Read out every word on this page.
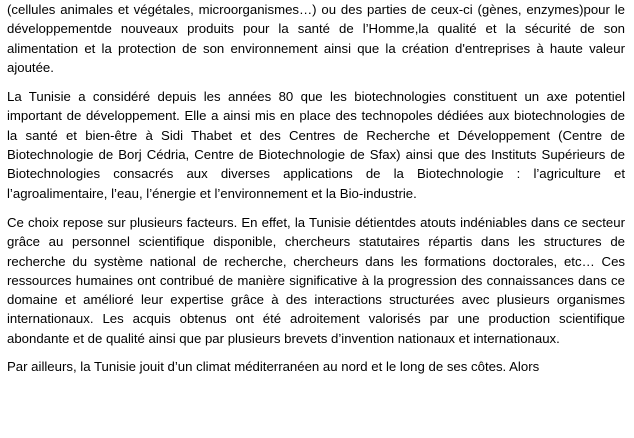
(cellules animales et végétales, microorganismes…) ou des parties de ceux-ci (gènes, enzymes)pour le développementde nouveaux produits pour la santé de l’Homme,la qualité et la sécurité de son alimentation et la protection de son environnement ainsi que la création d'entreprises à haute valeur ajoutée.

La Tunisie a considéré depuis les années 80 que les biotechnologies constituent un axe potentiel important de développement. Elle a ainsi mis en place des technopoles dédiées aux biotechnologies de la santé et bien-être à Sidi Thabet et des Centres de Recherche et Développement (Centre de Biotechnologie de Borj Cédria, Centre de Biotechnologie de Sfax) ainsi que des Instituts Supérieurs de Biotechnologies consacrés aux diverses applications de la Biotechnologie : l’agriculture et l’agroalimentaire, l’eau, l’énergie et l’environnement et la Bio-industrie.

Ce choix repose sur plusieurs facteurs. En effet, la Tunisie détientdes atouts indéniables dans ce secteur grâce au personnel scientifique disponible, chercheurs statutaires répartis dans les structures de recherche du système national de recherche, chercheurs dans les formations doctorales, etc… Ces ressources humaines ont contribué de manière significative à la progression des connaissances dans ce domaine et amélioré leur expertise grâce à des interactions structurées avec plusieurs organismes internationaux. Les acquis obtenus ont été adroitement valorisés par une production scientifique abondante et de qualité ainsi que par plusieurs brevets d’invention nationaux et internationaux.

Par ailleurs, la Tunisie jouit d’un climat méditerranéen au nord et le long de ses côtes. Alors
